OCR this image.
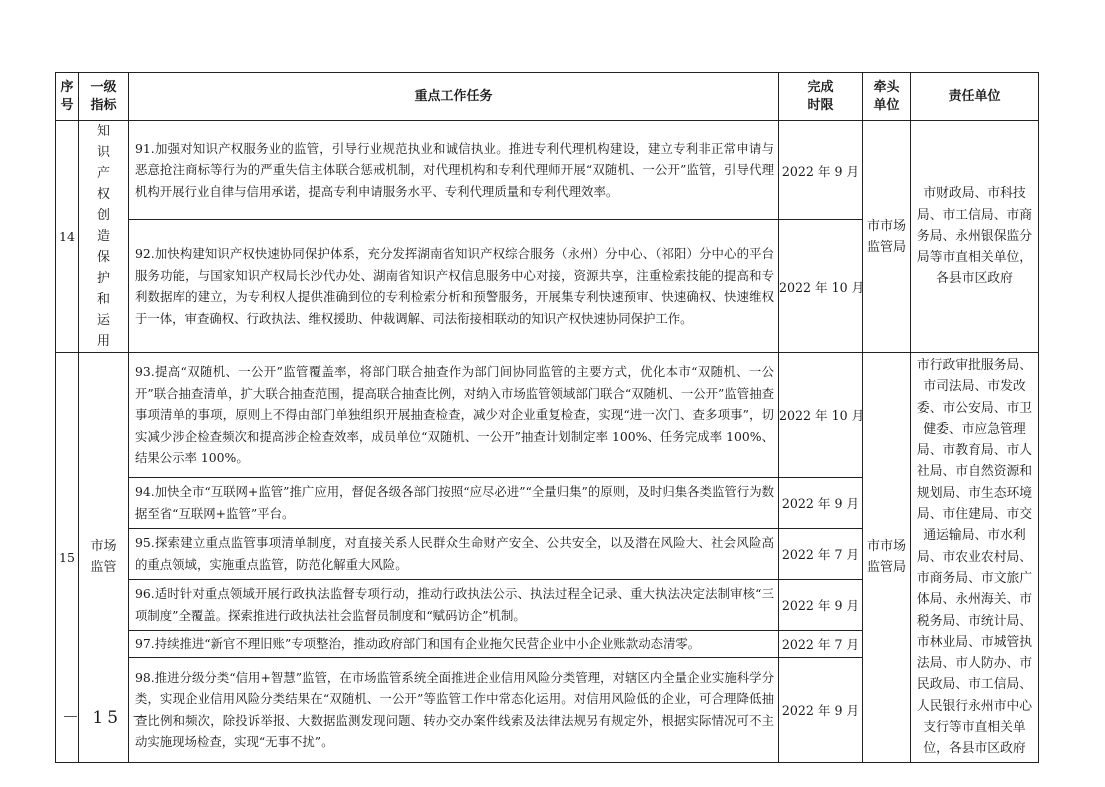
序号	一级指标	重点工作任务	完成时限	牵头单位	责任单位
14	知识产权创造保护和运用	91.加强对知识产权服务业的监管，引导行业规范执业和诚信执业。推进专利代理机构建设，建立专利非正常申请与恶意抢注商标等行为的严重失信主体联合惩戒机制，对代理机构和专利代理师开展“双随机、一公开”监管，引导代理机构开展行业自律与信用承诺，提高专利申请服务水平、专利代理质量和专利代理效率。	2022 年 9 月	市市场监管局	市财政局、市科技局、市工信局、市商务局、永州银保监分局等市直相关单位，各县市区政府
		92.加快构建知识产权快速协同保护体系，充分发挥湖南省知识产权综合服务（永州）分中心、（祁阳）分中心的平台服务功能，与国家知识产权局长沙代办处、湖南省知识产权信息服务中心对接，资源共享，注重检索技能的提高和专利数据库的建立，为专利权人提供准确到位的专利检索分析和预警服务，开展集专利快速预审、快速确权、快速维权于一体，审查确权、行政执法、维权援助、仲裁调解、司法衔接相联动的知识产权快速协同保护工作。	2022 年 10 月		
15	市场监管	93.提高“双随机、一公开”监管覆盖率，将部门联合抽查作为部门间协同监管的主要方式，优化本市“双随机、一公开”联合抽查清单，扩大联合抽查范围，提高联合抽查比例，对纳入市场监管领域部门联合“双随机、一公开”监管抽查事项清单的事项，原则上不得由部门单独组织开展抽查检查，减少对企业重复检查，实现“进一次门、查多项事”，切实减少涉企检查频次和提高涉企检查效率，成员单位“双随机、一公开”抽查计划制定率 100%、任务完成率 100%、结果公示率 100%。	2022 年 10 月	市市场监管局	市行政审批服务局、市司法局、市发改委、市公安局、市卫健委、市应急管理局、市教育局、市人社局、市自然资源和规划局、市生态环境局、市住建局、市交通运输局、市水利局、市农业农村局、市商务局、市文旅广体局、永州海关、市税务局、市统计局、市林业局、市城管执法局、市人防办、市民政局、市工信局、人民银行永州市中心支行等市直相关单位，各县市区政府
		94.加快全市“互联网+监管”推广应用，督促各级各部门按照“应尽必进”“全量归集”的原则，及时归集各类监管行为数据至省“互联网+监管”平台。	2022 年 9 月		
		95.探索建立重点监管事项清单制度，对直接关系人民群众生命财产安全、公共安全，以及潜在风险大、社会风险高的重点领域，实施重点监管，防范化解重大风险。	2022 年 7 月		
		96.适时针对重点领域开展行政执法监督专项行动，推动行政执法公示、执法过程全记录、重大执法决定法制审核“三项制度”全覆盖。探索推进行政执法社会监督员制度和“赋码访企”机制。	2022 年 9 月		
		97.持续推进“新官不理旧账”专项整治，推动政府部门和国有企业拖欠民营企业中小企业账款动态清零。	2022 年 7 月		
		98.推进分级分类“信用+智慧”监管，在市场监管系统全面推进企业信用风险分类管理，对辖区内全量企业实施科学分类，实现企业信用风险分类结果在“双随机、一公开”等监管工作中常态化运用。对信用风险低的企业，可合理降低抽查比例和频次，除投诉举报、大数据监测发现问题、转办交办案件线索及法律法规另有规定外，根据实际情况可不主动实施现场检查，实现“无事不扰”。	2022 年 9 月		
－ 15 －
